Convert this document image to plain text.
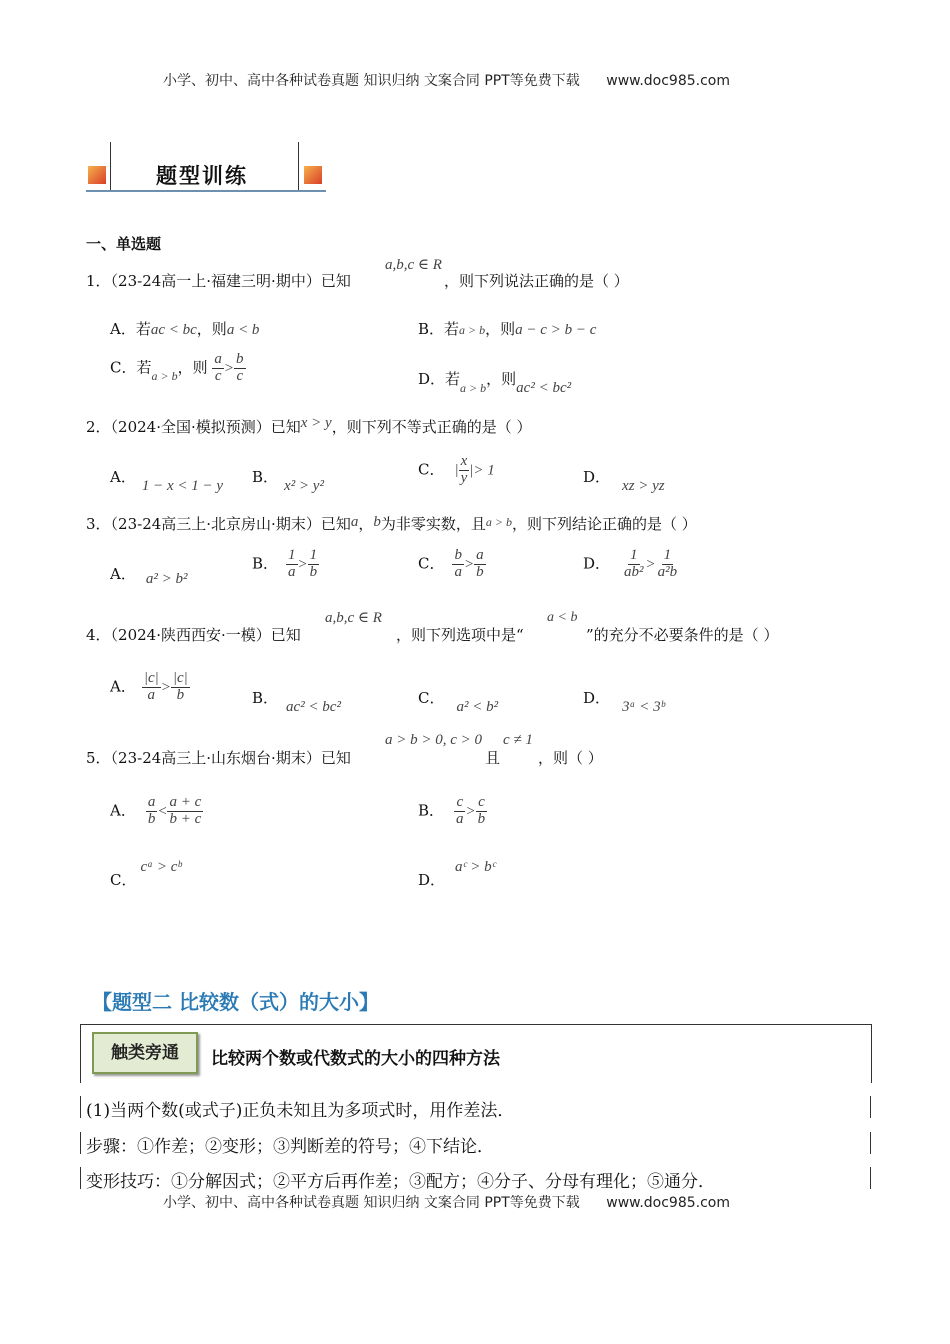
小学、初中、高中各种试卷真题 知识归纳 文案合同 PPT等免费下载 www.doc985.com
题型训练
一、单选题
1．（23-24高一上·福建三明·期中）已知
a,b,c ∈ R
，则下列说法正确的是（ ）
A．若ac < bc，则a < b	B．若a > b，则a − c > b − c
C．若$_{a > b}$，则 $\frac{a}{c} > \frac{b}{c}$	D．若$_{a > b}$，则ac² < bc²
2．（2024·全国·模拟预测）已知x > y，则下列不等式正确的是（ ）
A． 1 − x < 1 − y B． x² > y²
C． | $\frac{x}{y}$ |> 1	D． xz > yz
3．（23-24高三上·北京房山·期末）已知a，b为非零实数，且$^{a > b}$，则下列结论正确的是（ ）
A． a² > b²
B． $\frac{1}{a} > \frac{1}{b}$	C． $\frac{b}{a} > \frac{a}{b}$	D． $\frac{1}{\text{ab²}} > \frac{1}{\text{a²b}}$
4．（2024·陕西西安·一模）已知
a,b,c ∈ R
，则下列选项中是“
a < b
”的充分不必要条件的是（ ）
A． $\frac{|c|}{a} > \frac{|c|}{b}$	B． ac² < bc²	C． a² < b²	D． 3ᵃ < 3ᵇ
5．（23-24高三上·山东烟台·期末）已知
a > b > 0, c > 0
且
c ≠ 1
，则（ ）
A． $\frac{a}{b} < \frac{a + c}{b + c}$	B． $\frac{c}{a} > \frac{c}{b}$
C．cᵃ > cᵇ
D．aᶜ > bᶜ
【题型二 比较数（式）的大小】
触类旁通	比较两个数或代数式的大小的四种方法
(1)当两个数(或式子)正负未知且为多项式时，用作差法．
步骤：①作差；②变形；③判断差的符号；④下结论．
变形技巧：①分解因式；②平方后再作差；③配方；④分子、分母有理化；⑤通分．
小学、初中、高中各种试卷真题 知识归纳 文案合同 PPT等免费下载 www.doc985.com
